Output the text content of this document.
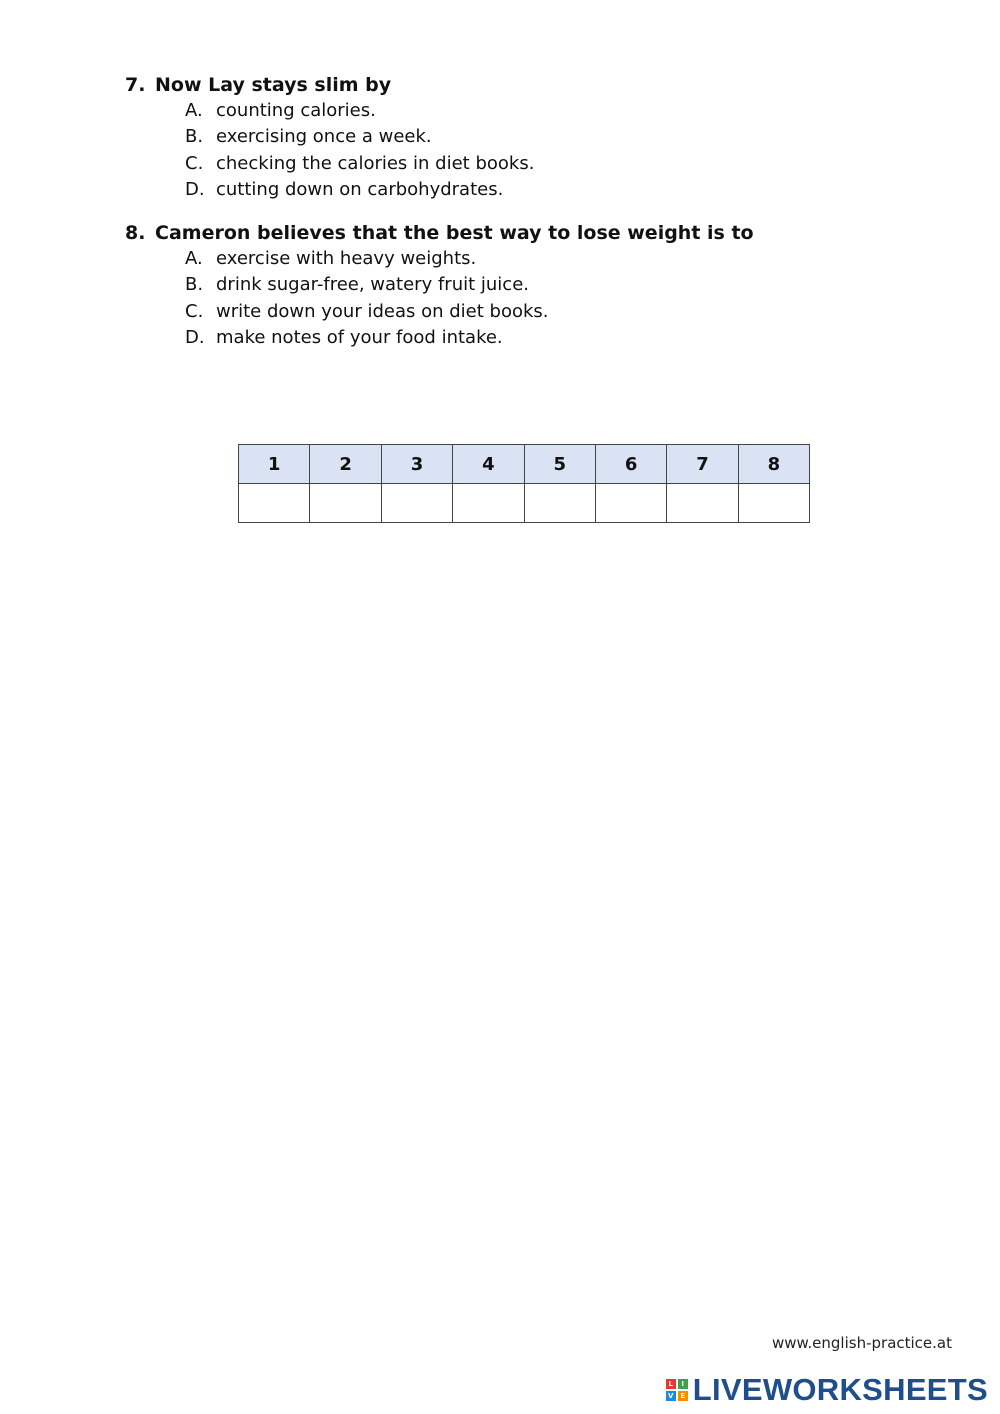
7. Now Lay stays slim by
A. counting calories.
B. exercising once a week.
C. checking the calories in diet books.
D. cutting down on carbohydrates.
8. Cameron believes that the best way to lose weight is to
A. exercise with heavy weights.
B. drink sugar-free, watery fruit juice.
C. write down your ideas on diet books.
D. make notes of your food intake.
1	2	3	4	5	6	7	8

www.english-practice.at
L	I
V E LIVEWORKSHEETS
